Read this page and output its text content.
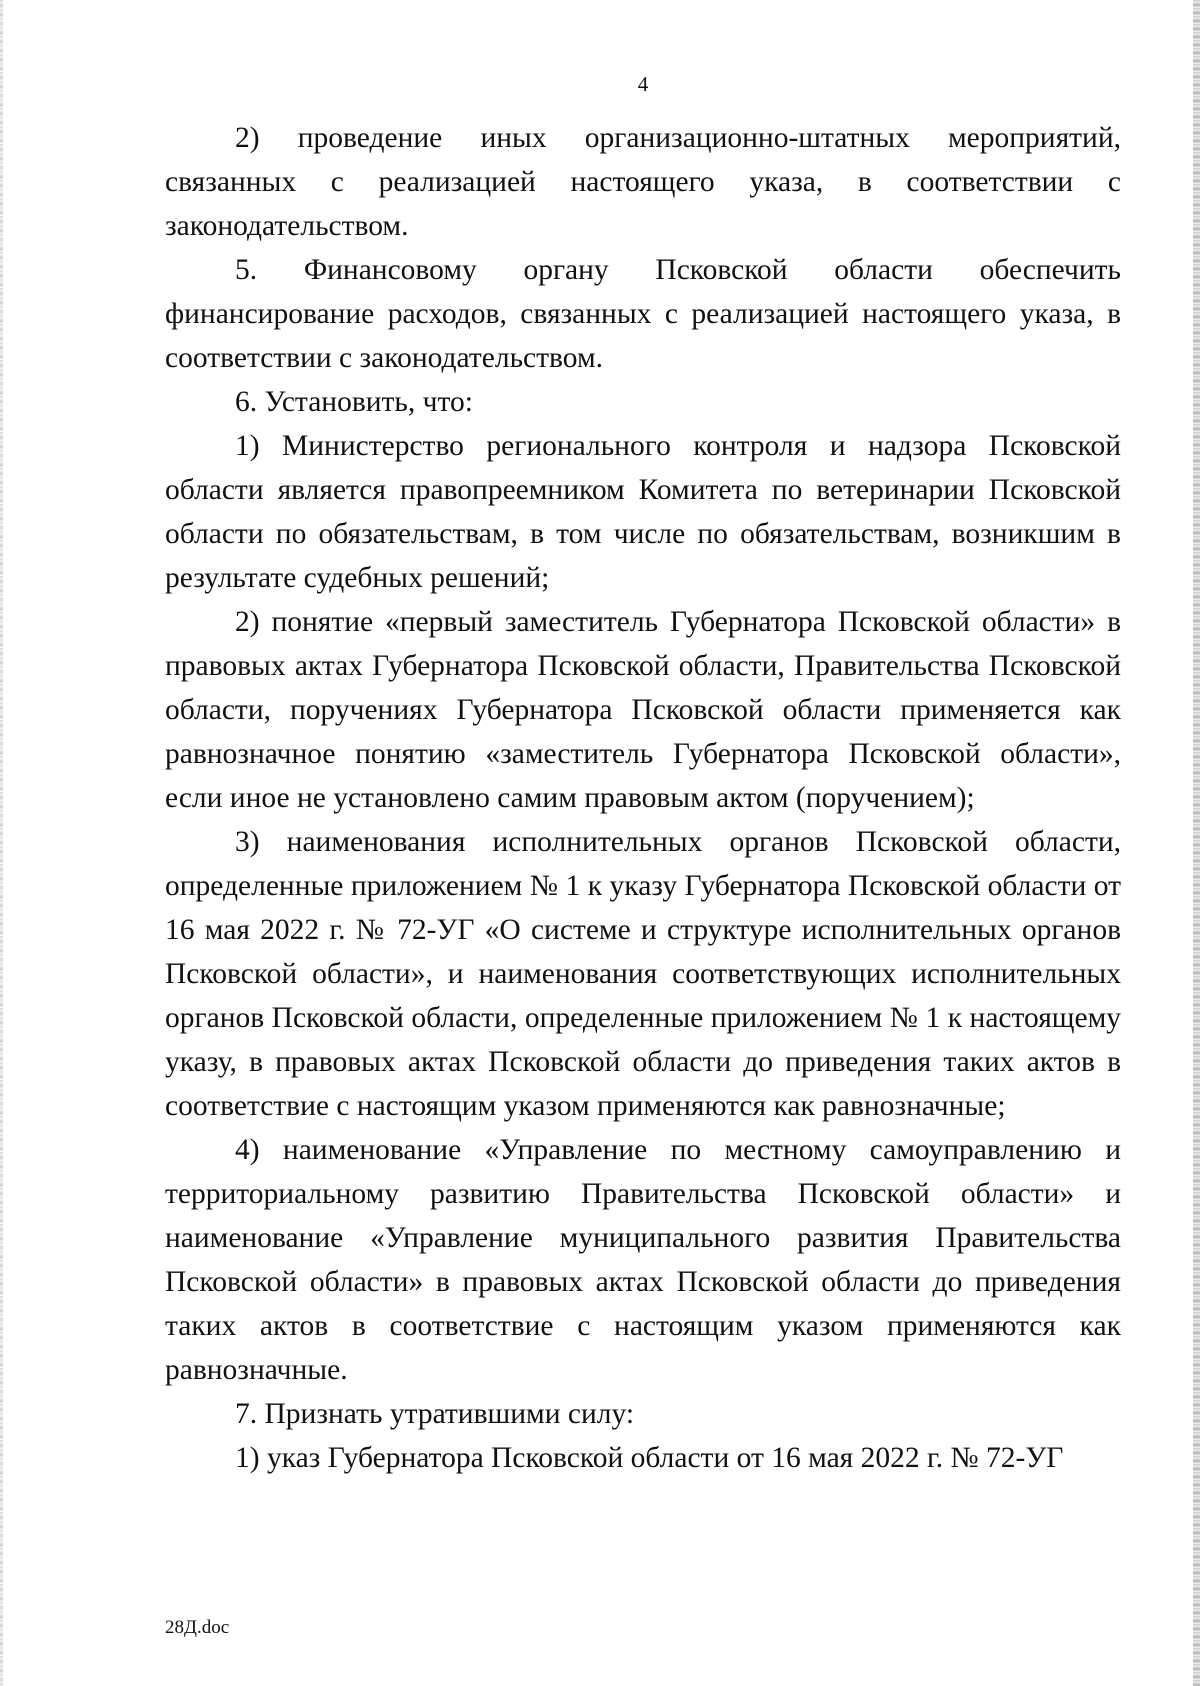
4

2) проведение иных организационно-штатных мероприятий, связанных с реализацией настоящего указа, в соответствии с законодательством.

5. Финансовому органу Псковской области обеспечить финансирование расходов, связанных с реализацией настоящего указа, в соответствии с законодательством.

6. Установить, что:

1) Министерство регионального контроля и надзора Псковской области является правопреемником Комитета по ветеринарии Псковской области по обязательствам, в том числе по обязательствам, возникшим в результате судебных решений;

2) понятие «первый заместитель Губернатора Псковской области» в правовых актах Губернатора Псковской области, Правительства Псковской области, поручениях Губернатора Псковской области применяется как равнозначное понятию «заместитель Губернатора Псковской области», если иное не установлено самим правовым актом (поручением);

3) наименования исполнительных органов Псковской области, определенные приложением № 1 к указу Губернатора Псковской области от 16 мая 2022 г. № 72-УГ «О системе и структуре исполнительных органов Псковской области», и наименования соответствующих исполнительных органов Псковской области, определенные приложением № 1 к настоящему указу, в правовых актах Псковской области до приведения таких актов в соответствие с настоящим указом применяются как равнозначные;

4) наименование «Управление по местному самоуправлению и территориальному развитию Правительства Псковской области» и наименование «Управление муниципального развития Правительства Псковской области» в правовых актах Псковской области до приведения таких актов в соответствие с настоящим указом применяются как равнозначные.

7. Признать утратившими силу:

1) указ Губернатора Псковской области от 16 мая 2022 г. № 72-УГ

28Д.doc
